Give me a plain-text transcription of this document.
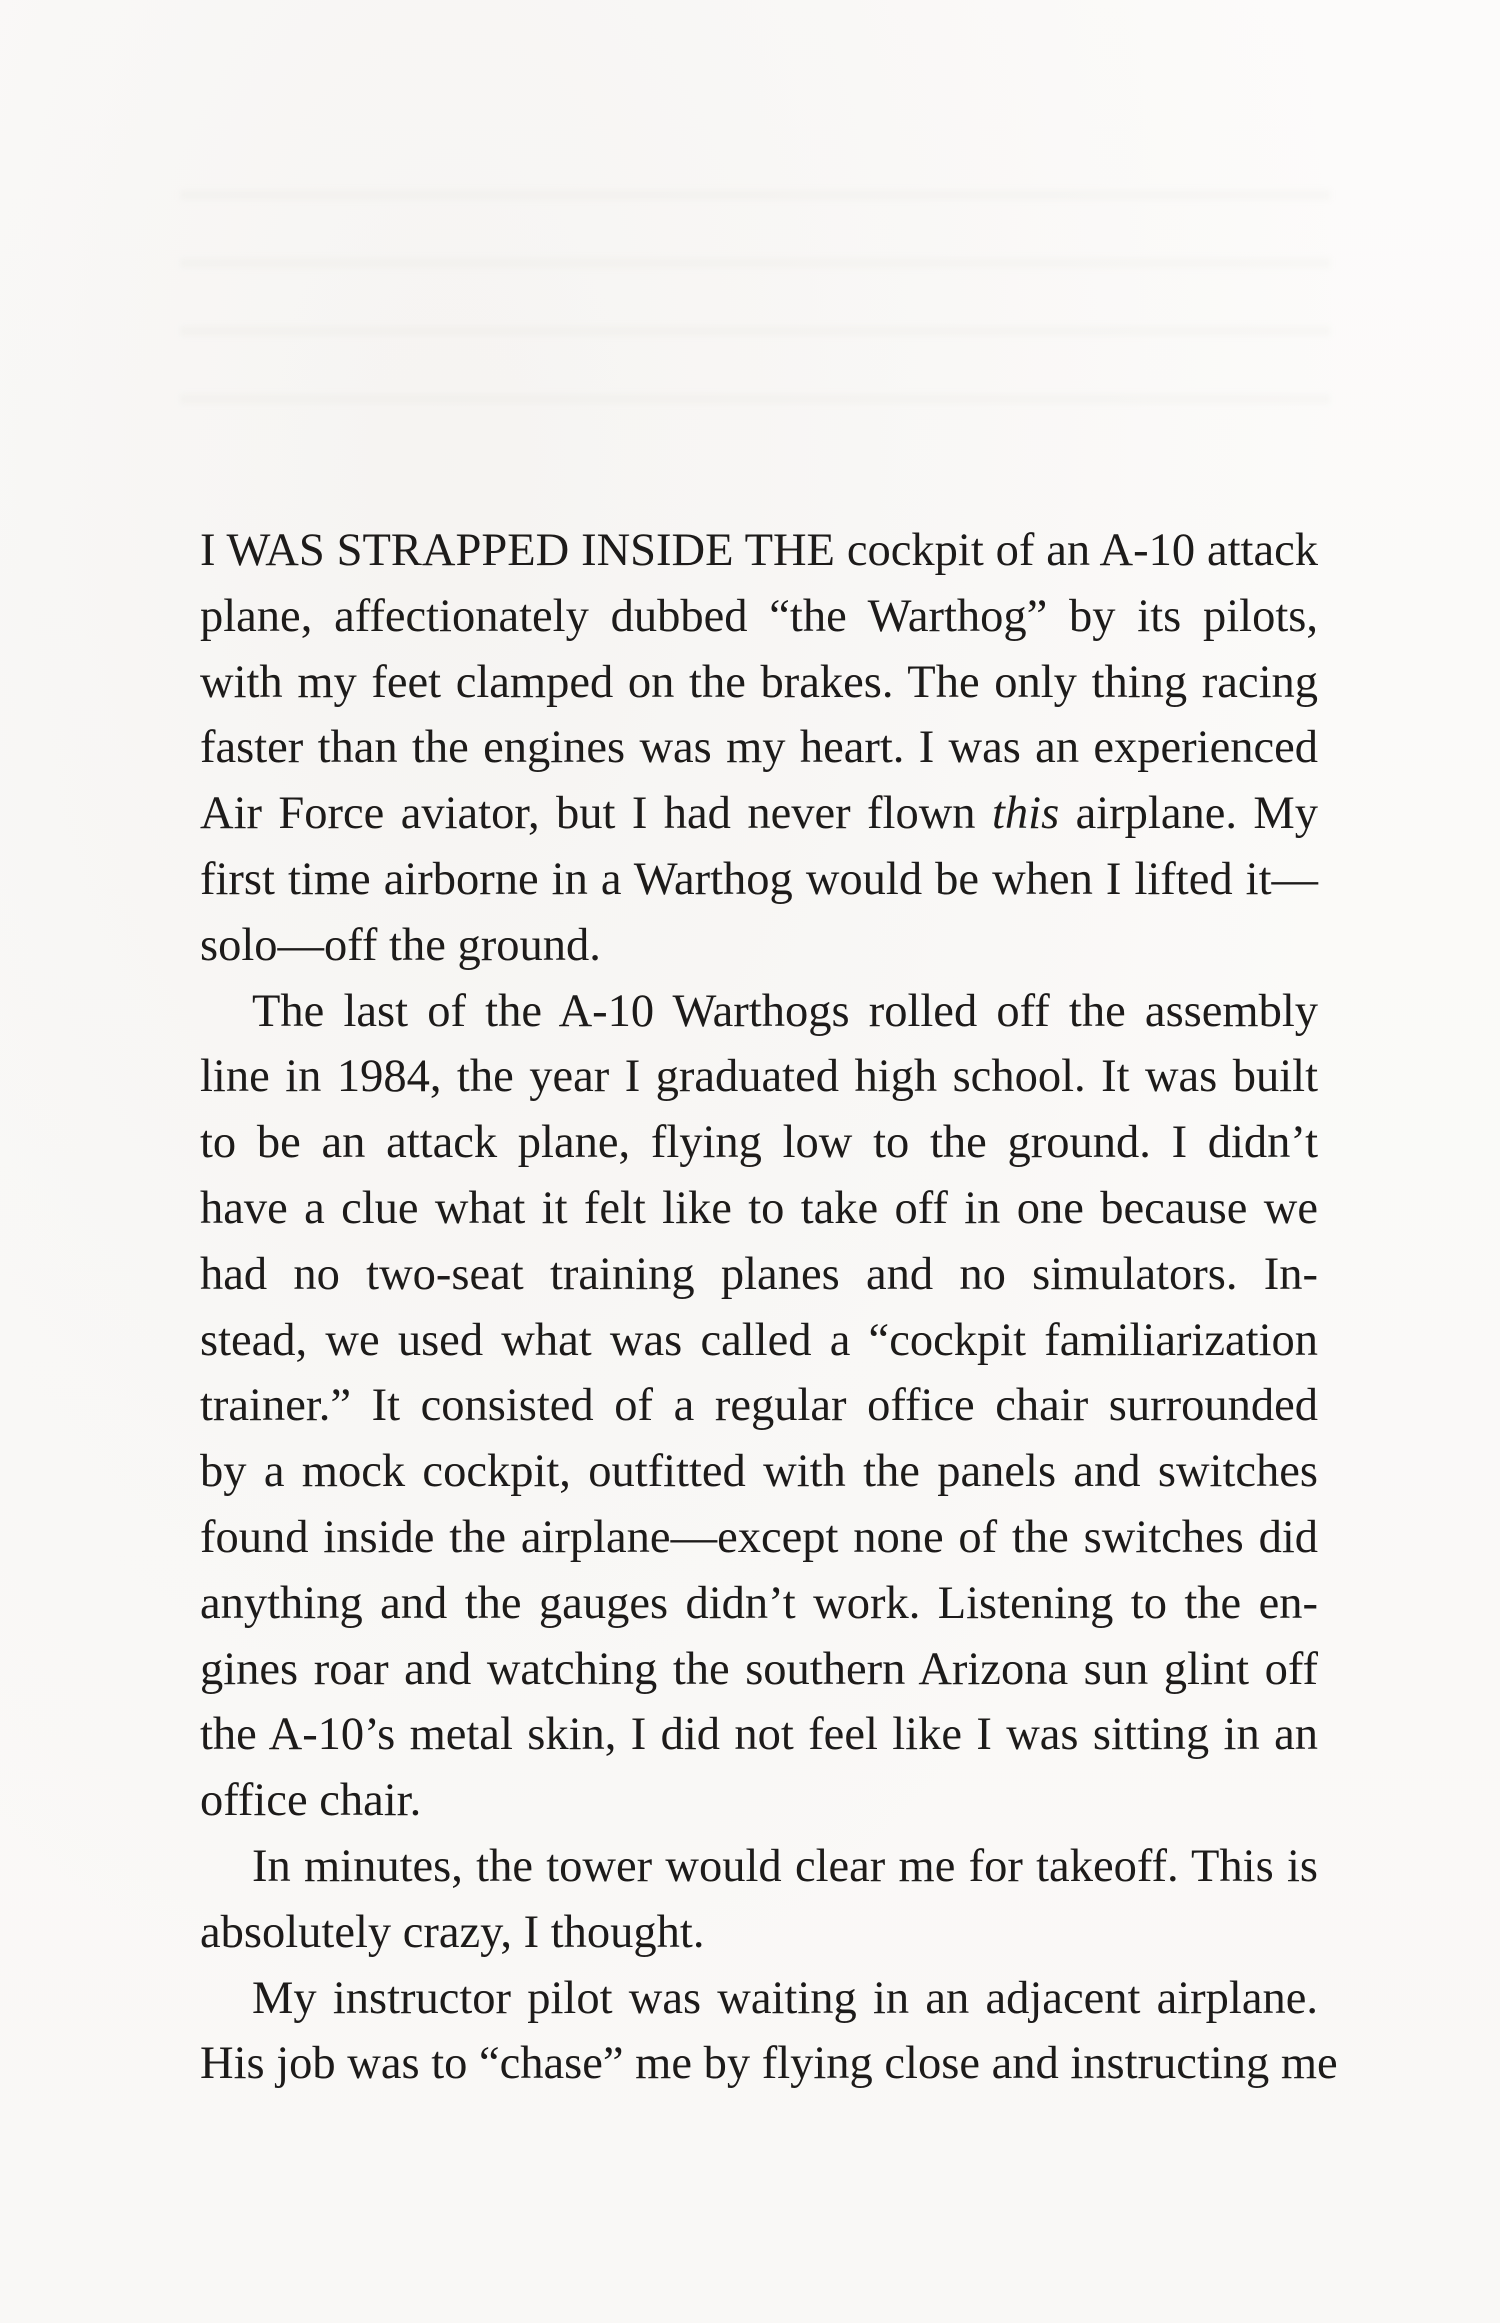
I WAS STRAPPED INSIDE THE cockpit of an A-10 attack
plane, affectionately dubbed “the Warthog” by its pilots,
with my feet clamped on the brakes. The only thing racing
faster than the engines was my heart. I was an experienced
Air Force aviator, but I had never flown this airplane. My
first time airborne in a Warthog would be when I lifted it—
solo—off the ground.
The last of the A-10 Warthogs rolled off the assembly
line in 1984, the year I graduated high school. It was built
to be an attack plane, flying low to the ground. I didn’t
have a clue what it felt like to take off in one because we
had no two-seat training planes and no simulators. In-
stead, we used what was called a “cockpit familiarization
trainer.” It consisted of a regular office chair surrounded
by a mock cockpit, outfitted with the panels and switches
found inside the airplane—except none of the switches did
anything and the gauges didn’t work. Listening to the en-
gines roar and watching the southern Arizona sun glint off
the A-10’s metal skin, I did not feel like I was sitting in an
office chair.
In minutes, the tower would clear me for takeoff. This is
absolutely crazy, I thought.
My instructor pilot was waiting in an adjacent airplane.
His job was to “chase” me by flying close and instructing me
